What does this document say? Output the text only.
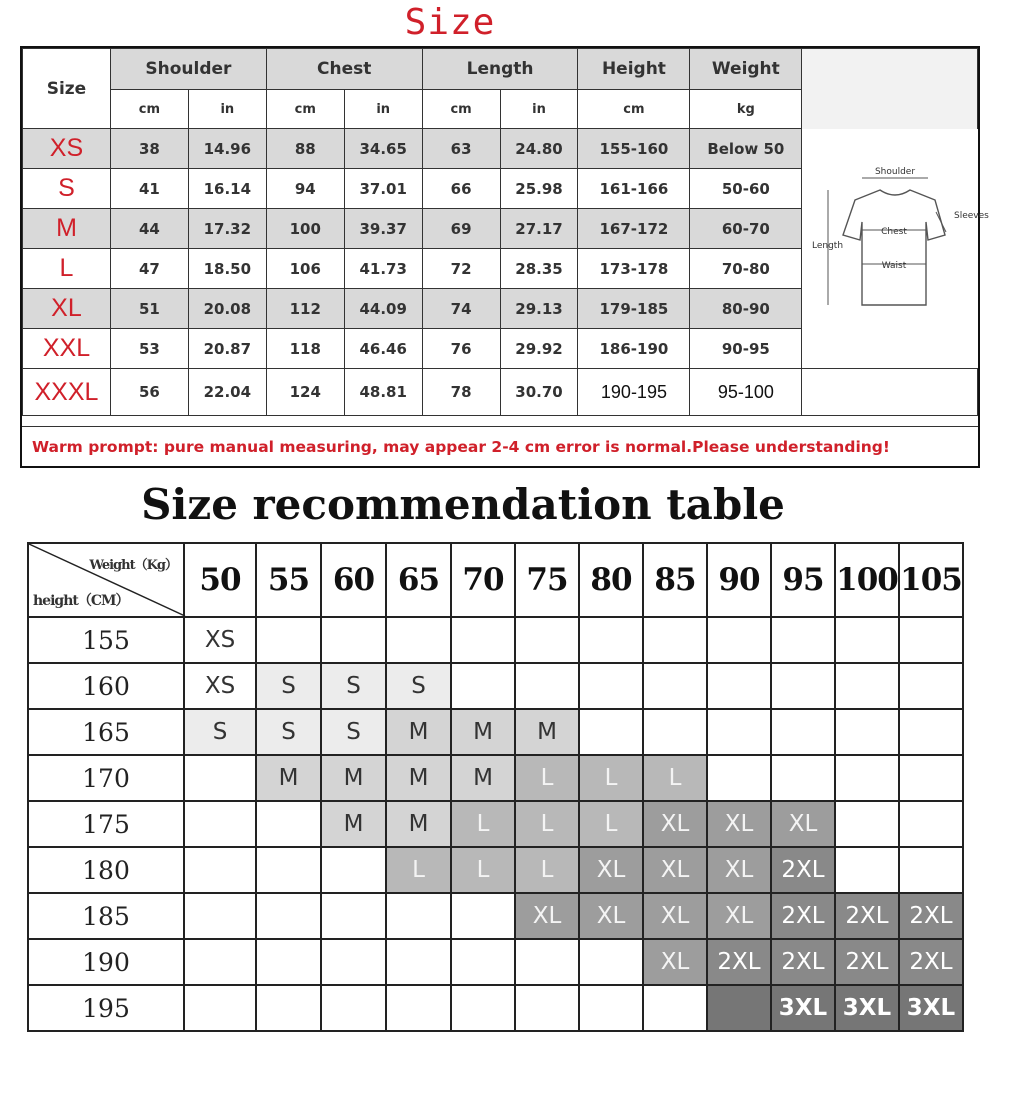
Size
Size	Shoulder		Chest		Length		Height	Weight	
	cm	in	cm	in	cm	in	cm	kg	
XS	38	14.96	88	34.65	63	24.80	155-160	Below 50	
S	41	16.14	94	37.01	66	25.98	161-166	50-60	
M	44	17.32	100	39.37	69	27.17	167-172	60-70	
L	47	18.50	106	41.73	72	28.35	173-178	70-80	
XL	51	20.08	112	44.09	74	29.13	179-185	80-90	
XXL	53	20.87	118	46.46	76	29.92	186-190	90-95	
XXXL	56	22.04	124	48.81	78	30.70	190-195	95-100	
Warm prompt: pure manual measuring, may appear 2-4 cm error is normal.Please understanding!
Shoulder
Sleeves
Chest
Length
Waist
Size recommendation table
Weight（Kg）
height（CM）	50	55	60	65	70	75	80	85	90	95	100	105
155	XS											
160	XS	S	S	S								
165	S	S	S	M	M	M						
170		M	M	M	M	L	L	L				
175			M	M	L	L	L	XL	XL	XL		
180				L	L	L	XL	XL	XL	2XL		
185						XL	XL	XL	XL	2XL	2XL	2XL
190								XL	2XL	2XL	2XL	2XL
195										3XL	3XL	3XL
